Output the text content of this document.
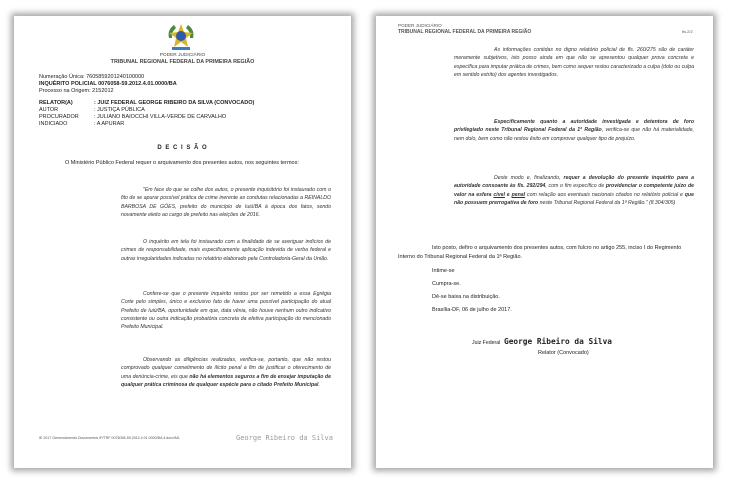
PODER JUDICIÁRIO
TRIBUNAL REGIONAL FEDERAL DA PRIMEIRA REGIÃO
Numeração Única: 7605859201240100000
INQUÉRITO POLICIAL 0076058-59.2012.4.01.0000/BA
Processo na Origem: 2152012
RELATOR(A)	: JUIZ FEDERAL GEORGE RIBEIRO DA SILVA (CONVOCADO)
AUTOR	: JUSTIÇA PÚBLICA
PROCURADOR	: JULIANO BAIOCCHI VILLA-VERDE DE CARVALHO
INDICIADO	: A APURAR
D E C I S Ã O
O Ministério Público Federal requer o arquivamento dos presentes autos, nos seguintes termos:
"Em face do que se colhe dos autos, o presente inquisitório foi instaurado com o fito de se apurar possível prática de crime inerente as condutas relacionadas a REINALDO BARBOSA DE GÓES, prefeito do município de Iuiú/BA à época dos fatos, sendo novamente eleito ao cargo de prefeito nas eleições de 2016.
O inquérito em tela foi instaurado com a finalidade de se averiguar indícios de crimes de responsabilidade, mais especificamente aplicação indevida de verba federal e outras irregularidades indicadas no relatório elaborado pela Controladoria-Geral da União.
Confere-se que o presente inquérito restou por ser remetido a essa Egrégia Corte pelo simples, único e exclusivo fato de haver uma possível participação do atual Prefeito de Iuiú/BA, oportunidade em que, data vênia, não houve nenhum outro indicativo consistente ou outra indicação probatória concreta da efetiva participação do mencionado Prefeito Municipal.
Observando as diligências realizadas, verifica-se, portanto, que não restou comprovado qualquer cometimento de ilícito penal a fim de justificar o oferecimento de uma denúncia-crime, eis que não há elementos seguros a fim de ensejar imputação de qualquer prática criminosa de qualquer espécie para o citado Prefeito Municipal.
IE 2017 Gerenciamento Documentos IP/TRF 0076058-59.2012.4.01.0000/BA 4.docx/ML	George Ribeiro da Silva
PODER JUDICIÁRIO
TRIBUNAL REGIONAL FEDERAL DA PRIMEIRA REGIÃO	fls.2/2
As informações contidas no digno relatório policial de fls. 260/275 são de caráter meramente subjetivos, isto posso ainda em que não se apresentou qualquer prova concreta e específica para imputar prática de crimes, bem como sequer restou caracterizado a culpa (dolo ou culpa em sentido estrito) dos agentes investigados.
Especificamente quanto a autoridade investigada e detentora de foro privilegiado neste Tribunal Regional Federal da 1ª Região, verifica-se que não há materialidade, nem dolo, bem como não restou êxito em comprovar qualquer tipo de prejuízo.
Deste modo e, finalizando, requer a devolução do presente inquérito para a autoridade consoante às fls. 292/294, com o fim específico de providenciar o competente juízo de valor na esfera cível e penal com relação aos eventuais nacionais citados no relatório policial e que não possuem prerrogativa de foro neste Tribunal Regional Federal da 1ª Região." (fl.304/305)
Isto posto, defiro o arquivamento dos presentes autos, com fulcro no artigo 255, inciso I do Regimento Interno do Tribunal Regional Federal da 1ª Região.
Intime-se
Cumpra-se.
Dê-se baixa na distribuição.
Brasília-DF, 06 de julho de 2017.
Juiz Federal George Ribeiro da Silva
Relator (Convocado)
